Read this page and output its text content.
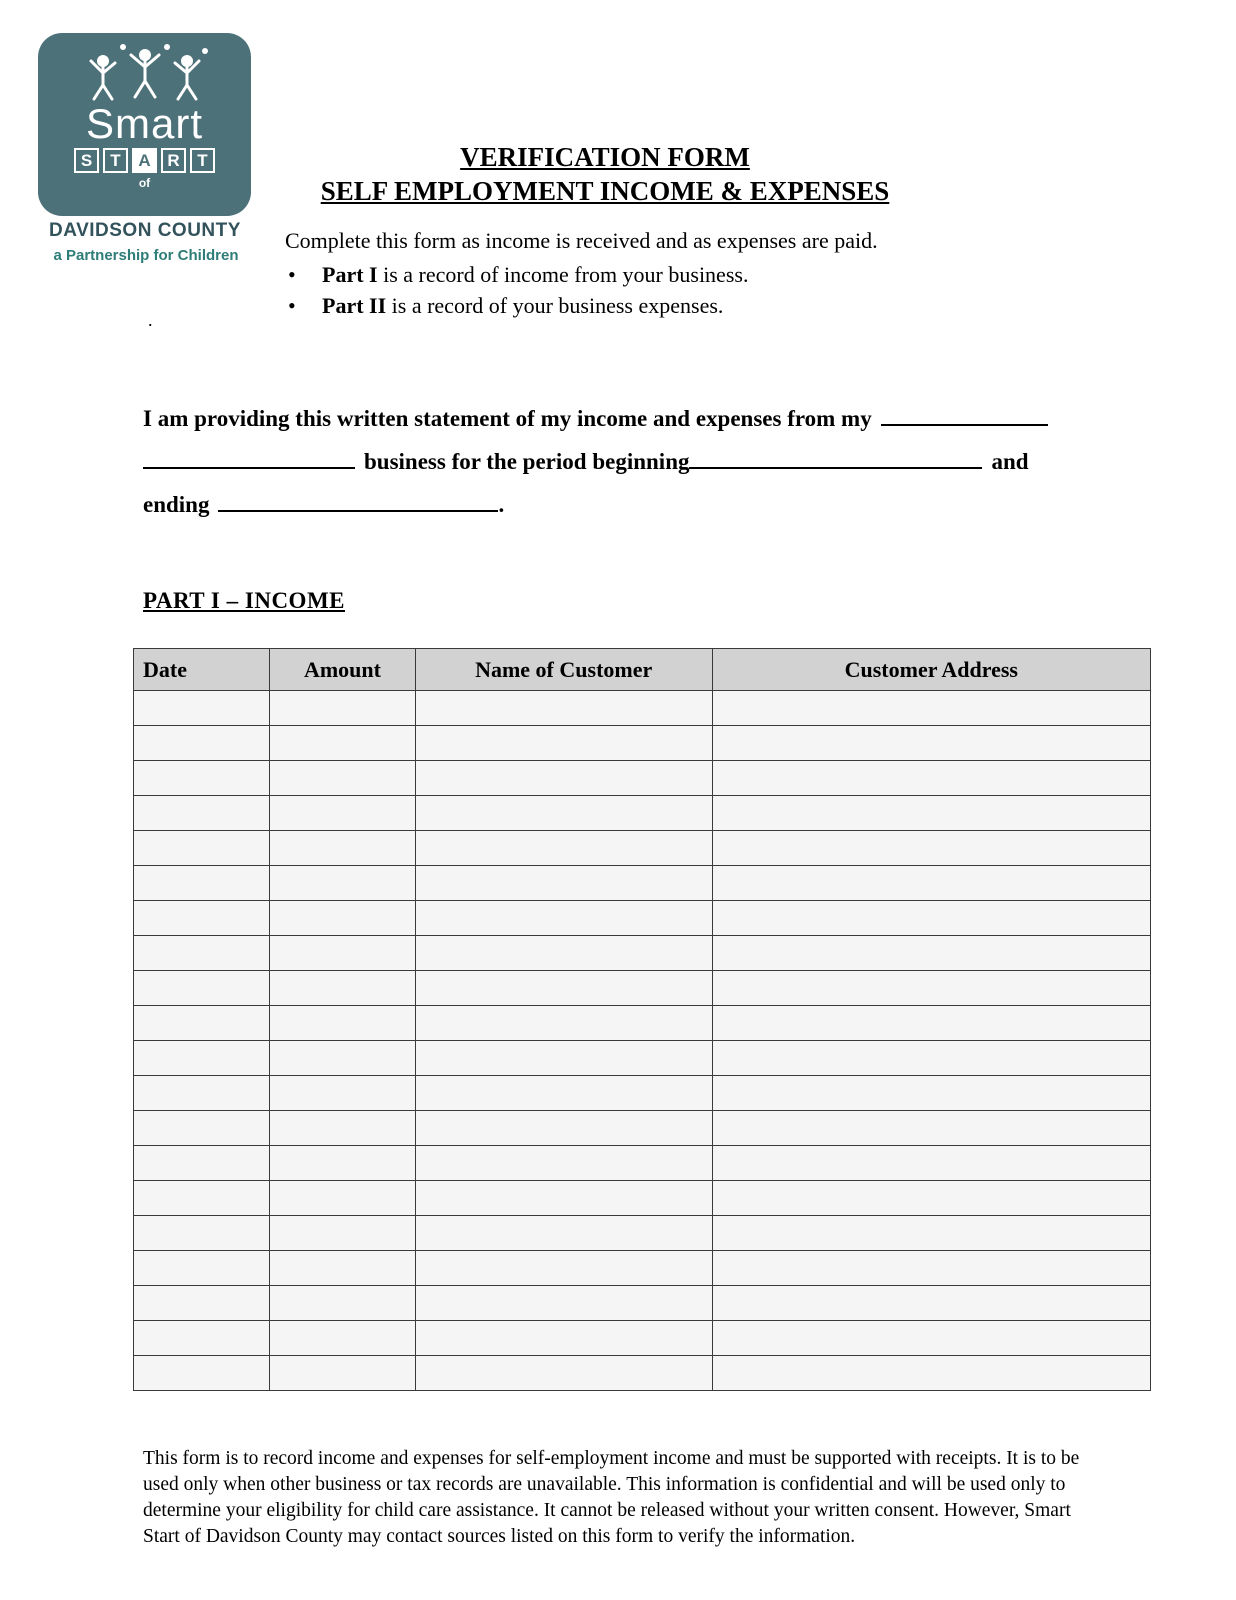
Smart
S	T	A R	T
of
DAVIDSON COUNTY
a Partnership for Children
VERIFICATION FORM
SELF EMPLOYMENT INCOME & EXPENSES
Complete this form as income is received and as expenses are paid.
• Part I is a record of income from your business.
• Part II is a record of your business expenses.
.
I am providing this written statement of my income and expenses from my
business for the period beginning	and
ending	.
PART I – INCOME
Date	Amount	Name of Customer	Customer Address

This form is to record income and expenses for self-employment income and must be supported with receipts. It is to be used only when other business or tax records are unavailable. This information is confidential and will be used only to determine your eligibility for child care assistance. It cannot be released without your written consent. However, Smart Start of Davidson County may contact sources listed on this form to verify the information.
